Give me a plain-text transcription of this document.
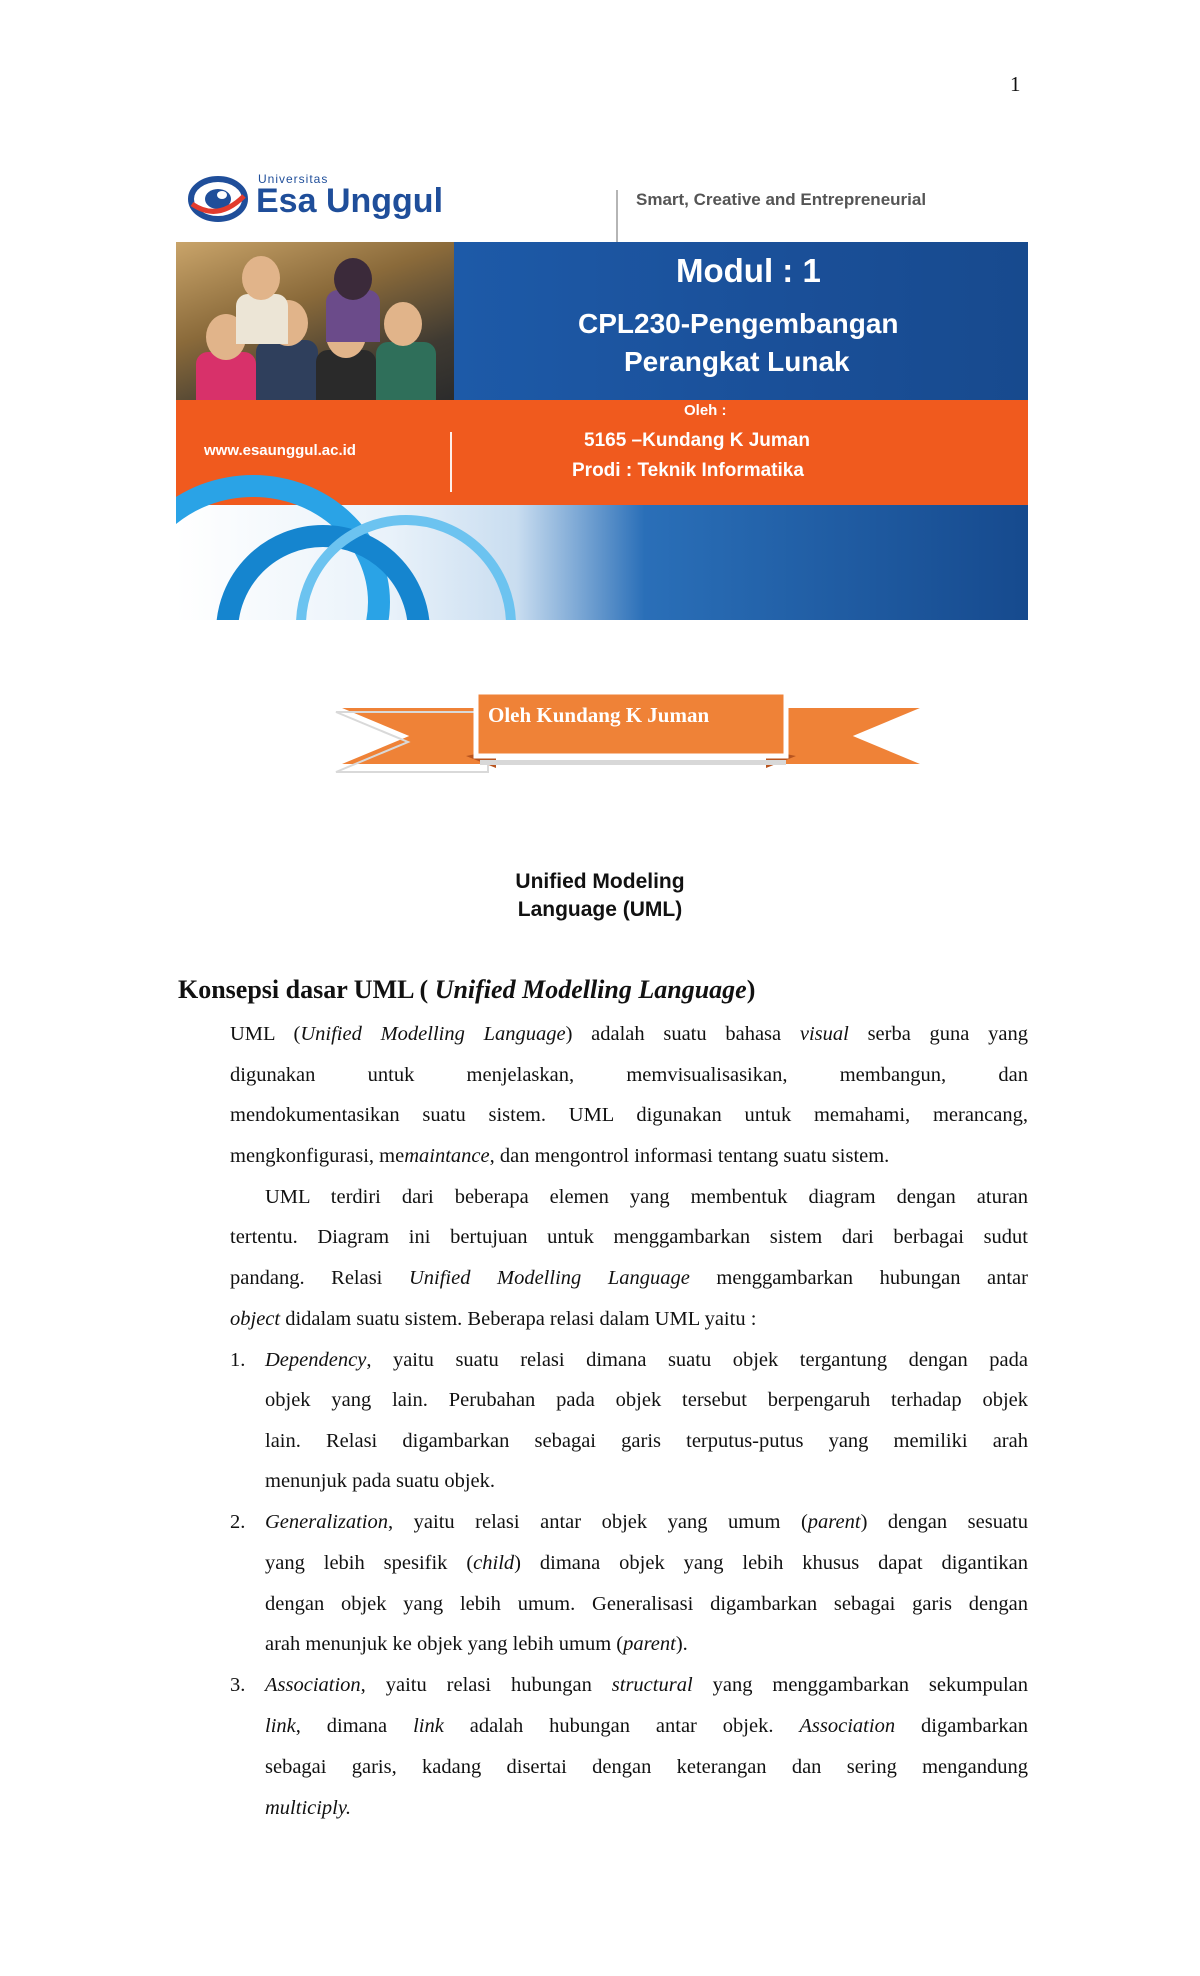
1
Universitas
Esa Unggul	Smart, Creative and Entrepreneurial
Modul : 1
CPL230-Pengembangan
Perangkat Lunak
www.esaunggul.ac.id
Oleh :
5165 –Kundang K Juman
Prodi : Teknik Informatika
Oleh Kundang K Juman
Unified Modeling
Language (UML)
Konsepsi dasar UML ( Unified Modelling Language)
UML (Unified Modelling Language) adalah suatu bahasa visual serba guna yang
digunakan untuk menjelaskan, memvisualisasikan, membangun, dan
mendokumentasikan suatu sistem. UML digunakan untuk memahami, merancang,
mengkonfigurasi, memaintance, dan mengontrol informasi tentang suatu sistem.
UML terdiri dari beberapa elemen yang membentuk diagram dengan aturan
tertentu. Diagram ini bertujuan untuk menggambarkan sistem dari berbagai sudut
pandang. Relasi Unified Modelling Language menggambarkan hubungan antar
object didalam suatu sistem. Beberapa relasi dalam UML yaitu :
1. Dependency, yaitu suatu relasi dimana suatu objek tergantung dengan pada
objek yang lain. Perubahan pada objek tersebut berpengaruh terhadap objek
lain. Relasi digambarkan sebagai garis terputus-putus yang memiliki arah
menunjuk pada suatu objek.
2. Generalization, yaitu relasi antar objek yang umum (parent) dengan sesuatu
yang lebih spesifik (child) dimana objek yang lebih khusus dapat digantikan
dengan objek yang lebih umum. Generalisasi digambarkan sebagai garis dengan
arah menunjuk ke objek yang lebih umum (parent).
3. Association, yaitu relasi hubungan structural yang menggambarkan sekumpulan
link, dimana link adalah hubungan antar objek. Association digambarkan
sebagai garis, kadang disertai dengan keterangan dan sering mengandung
multiciply.
